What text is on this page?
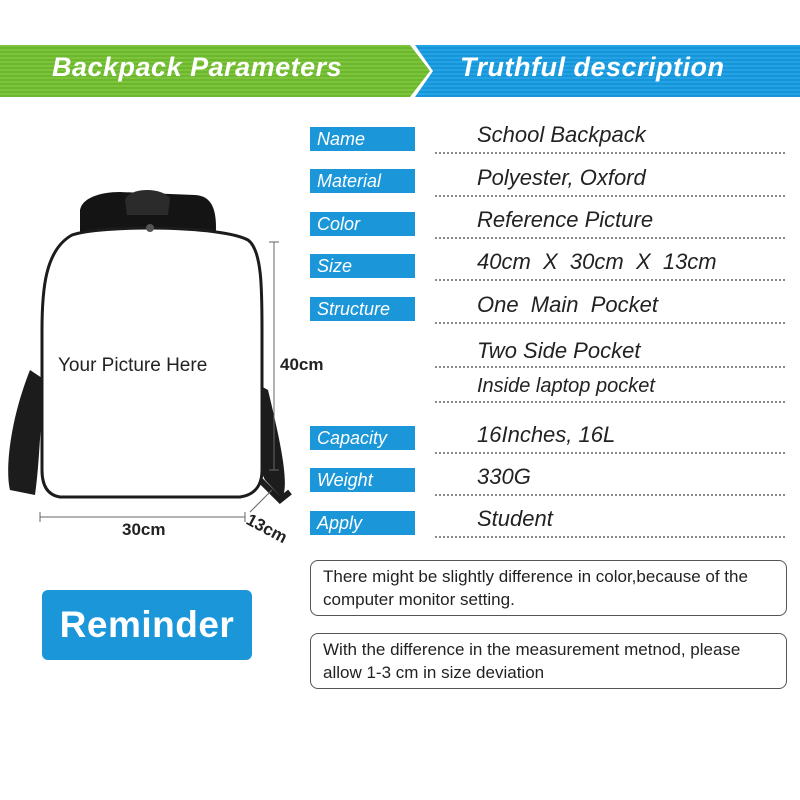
Backpack Parameters	Truthful description
Your Picture Here	40cm
30cm	13cm
Name	School Backpack
Material	Polyester, Oxford
Color	Reference Picture
Size	40cm  X  30cm  X  13cm
Structure	One  Main  Pocket
Two Side Pocket
Inside laptop pocket
Capacity	16Inches, 16L
Weight	330G
Apply	Student
Reminder
There might be slightly difference in color,because of the computer monitor setting.
With the difference in the measurement metnod, please allow 1-3 cm in size deviation
